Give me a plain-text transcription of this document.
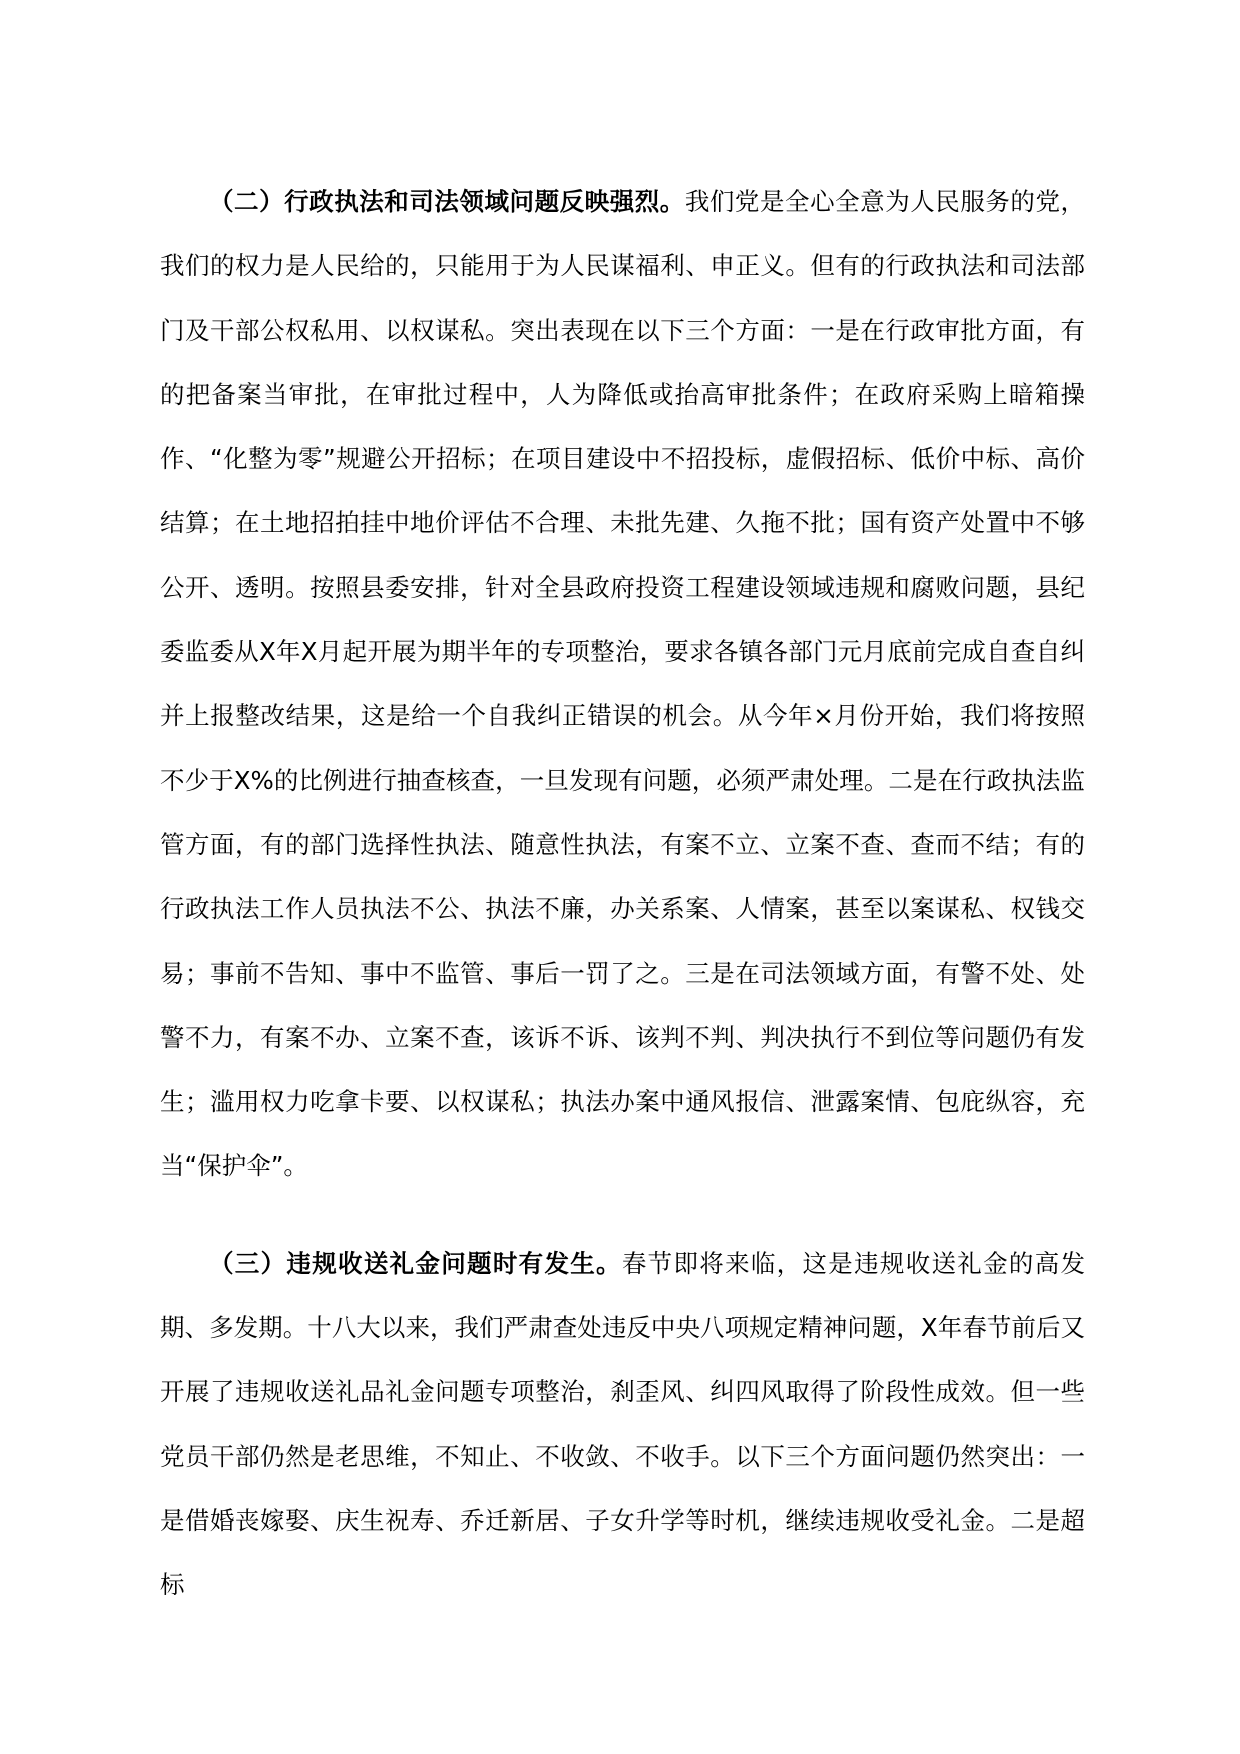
（二）行政执法和司法领域问题反映强烈。我们党是全心全意为人民服务的党，我们的权力是人民给的，只能用于为人民谋福利、申正义。但有的行政执法和司法部门及干部公权私用、以权谋私。突出表现在以下三个方面：一是在行政审批方面，有的把备案当审批，在审批过程中，人为降低或抬高审批条件；在政府采购上暗箱操作、“化整为零”规避公开招标；在项目建设中不招投标，虚假招标、低价中标、高价结算；在土地招拍挂中地价评估不合理、未批先建、久拖不批；国有资产处置中不够公开、透明。按照县委安排，针对全县政府投资工程建设领域违规和腐败问题，县纪委监委从X年X月起开展为期半年的专项整治，要求各镇各部门元月底前完成自查自纠并上报整改结果，这是给一个自我纠正错误的机会。从今年×月份开始，我们将按照不少于X%的比例进行抽查核查，一旦发现有问题，必须严肃处理。二是在行政执法监管方面，有的部门选择性执法、随意性执法，有案不立、立案不查、查而不结；有的行政执法工作人员执法不公、执法不廉，办关系案、人情案，甚至以案谋私、权钱交易；事前不告知、事中不监管、事后一罚了之。三是在司法领域方面，有警不处、处警不力，有案不办、立案不查，该诉不诉、该判不判、判决执行不到位等问题仍有发生；滥用权力吃拿卡要、以权谋私；执法办案中通风报信、泄露案情、包庇纵容，充当“保护伞”。

（三）违规收送礼金问题时有发生。春节即将来临，这是违规收送礼金的高发期、多发期。十八大以来，我们严肃查处违反中央八项规定精神问题，X年春节前后又开展了违规收送礼品礼金问题专项整治，刹歪风、纠四风取得了阶段性成效。但一些党员干部仍然是老思维，不知止、不收敛、不收手。以下三个方面问题仍然突出：一是借婚丧嫁娶、庆生祝寿、乔迁新居、子女升学等时机，继续违规收受礼金。二是超标
